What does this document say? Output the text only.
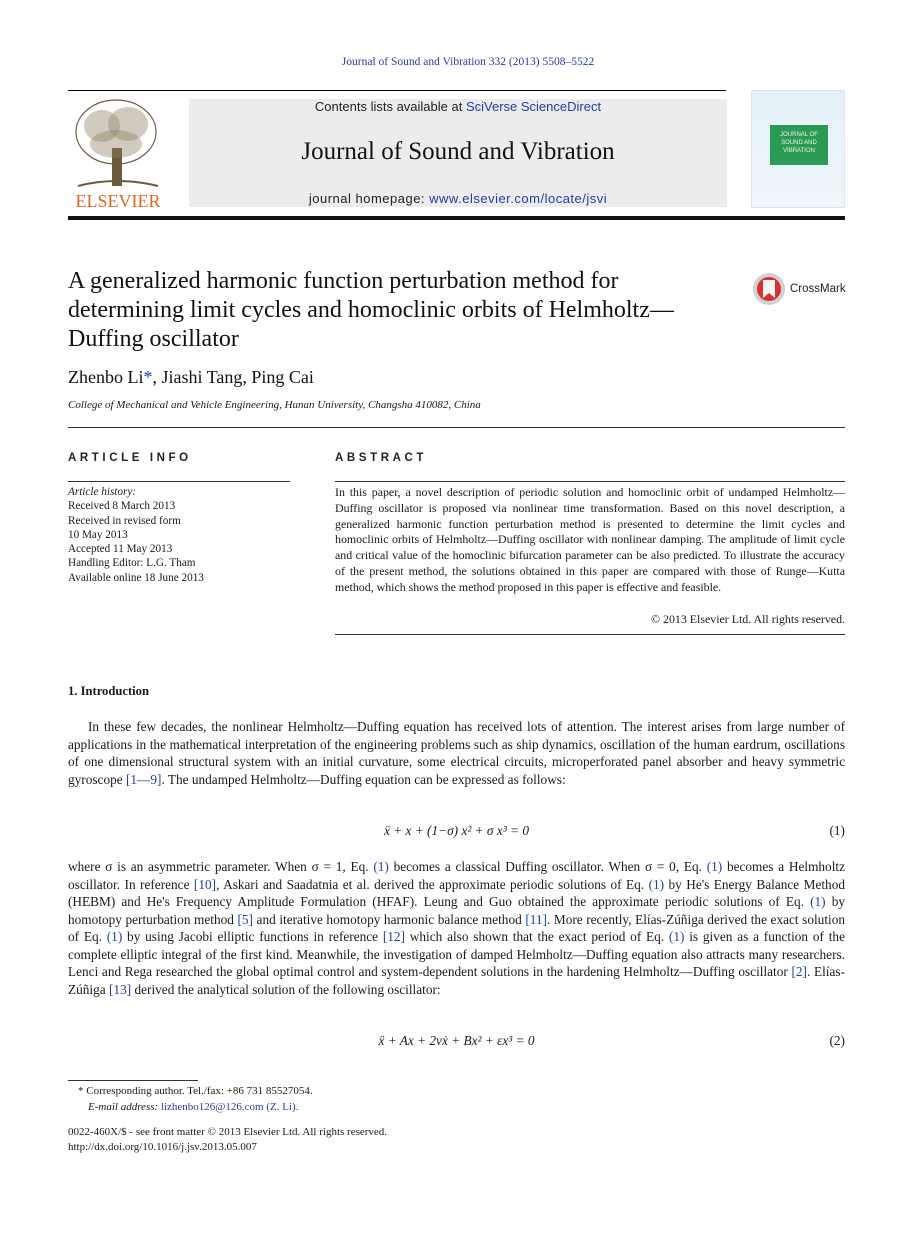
Journal of Sound and Vibration 332 (2013) 5508–5522
ELSEVIER
Contents lists available at SciVerse ScienceDirect
Journal of Sound and Vibration
journal homepage: www.elsevier.com/locate/jsvi
JOURNAL OF SOUND AND VIBRATION
A generalized harmonic function perturbation method for determining limit cycles and homoclinic orbits of Helmholtz—Duffing oscillator
CrossMark
Zhenbo Li*, Jiashi Tang, Ping Cai
College of Mechanical and Vehicle Engineering, Hunan University, Changsha 410082, China
ARTICLE INFO	ABSTRACT
Article history:
Received 8 March 2013
Received in revised form
10 May 2013
Accepted 11 May 2013
Handling Editor: L.G. Tham
Available online 18 June 2013
In this paper, a novel description of periodic solution and homoclinic orbit of undamped Helmholtz—Duffing oscillator is proposed via nonlinear time transformation. Based on this novel description, a generalized harmonic function perturbation method is presented to determine the limit cycles and homoclinic orbits of Helmholtz—Duffing oscillator with nonlinear damping. The amplitude of limit cycle and critical value of the homoclinic bifurcation parameter can be also predicted. To illustrate the accuracy of the present method, the solutions obtained in this paper are compared with those of Runge—Kutta method, which shows the method proposed in this paper is effective and feasible.
© 2013 Elsevier Ltd. All rights reserved.
1. Introduction
In these few decades, the nonlinear Helmholtz—Duffing equation has received lots of attention. The interest arises from large number of applications in the mathematical interpretation of the engineering problems such as ship dynamics, oscillation of the human eardrum, oscillations of one dimensional structural system with an initial curvature, some electrical circuits, microperforated panel absorber and heavy symmetric gyroscope [1—9]. The undamped Helmholtz—Duffing equation can be expressed as follows:
ẍ + x + (1−σ) x² + σ x³ = 0	(1)
where σ is an asymmetric parameter. When σ = 1, Eq. (1) becomes a classical Duffing oscillator. When σ = 0, Eq. (1) becomes a Helmholtz oscillator. In reference [10], Askari and Saadatnia et al. derived the approximate periodic solutions of Eq. (1) by He's Energy Balance Method (HEBM) and He's Frequency Amplitude Formulation (HFAF). Leung and Guo obtained the approximate periodic solutions of Eq. (1) by homotopy perturbation method [5] and iterative homotopy harmonic balance method [11]. More recently, Elías-Zúñiga derived the exact solution of Eq. (1) by using Jacobi elliptic functions in reference [12] which also shown that the exact period of Eq. (1) is given as a function of the complete elliptic integral of the first kind. Meanwhile, the investigation of damped Helmholtz—Duffing equation also attracts many researchers. Lenci and Rega researched the global optimal control and system-dependent solutions in the hardening Helmholtz—Duffing oscillator [2]. Elías-Zúñiga [13] derived the analytical solution of the following oscillator:
ẍ + Ax + 2νẋ + Bx² + εx³ = 0	(2)
* Corresponding author. Tel./fax: +86 731 85527054.
E-mail address: lizhenbo126@126.com (Z. Li).
0022-460X/$ - see front matter © 2013 Elsevier Ltd. All rights reserved.
http://dx.doi.org/10.1016/j.jsv.2013.05.007
